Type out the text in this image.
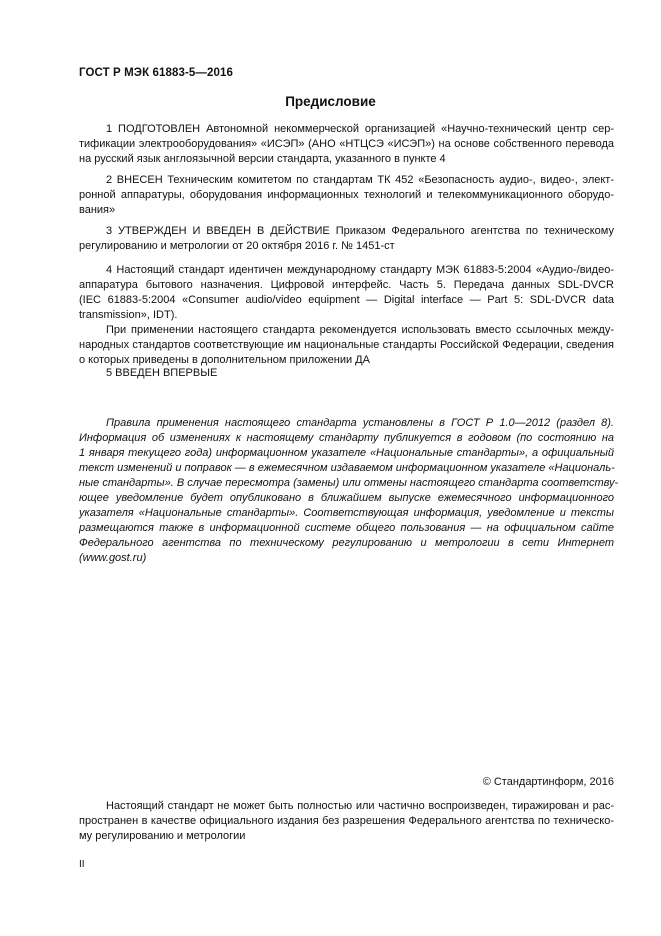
ГОСТ Р МЭК 61883-5—2016
Предисловие
1 ПОДГОТОВЛЕН Автономной некоммерческой организацией «Научно-технический центр сер-
тификации электрооборудования» «ИСЭП» (АНО «НТЦСЭ «ИСЭП») на основе собственного перевода
на русский язык англоязычной версии стандарта, указанного в пункте 4
2 ВНЕСЕН Техническим комитетом по стандартам ТК 452 «Безопасность аудио-, видео-, элект-
ронной аппаратуры, оборудования информационных технологий и телекоммуникационного оборудо-
вания»
3 УТВЕРЖДЕН И ВВЕДЕН В ДЕЙСТВИЕ Приказом Федерального агентства по техническому
регулированию и метрологии от 20 октября 2016 г. № 1451-ст
4 Настоящий стандарт идентичен международному стандарту МЭК 61883-5:2004 «Аудио-/видео-
аппаратура бытового назначения. Цифровой интерфейс. Часть 5. Передача данных SDL-DVCR
(IEC 61883-5:2004 «Consumer audio/video equipment — Digital interface — Part 5: SDL-DVCR data
transmission», IDT).
При применении настоящего стандарта рекомендуется использовать вместо ссылочных между-
народных стандартов соответствующие им национальные стандарты Российской Федерации, сведения
о которых приведены в дополнительном приложении ДА
5 ВВЕДЕН ВПЕРВЫЕ
Правила применения настоящего стандарта установлены в ГОСТ Р 1.0—2012 (раздел 8).
Информация об изменениях к настоящему стандарту публикуется в годовом (по состоянию на
1 января текущего года) информационном указателе «Национальные стандарты», а официальный
текст изменений и поправок — в ежемесячном издаваемом информационном указателе «Националь-
ные стандарты». В случае пересмотра (замены) или отмены настоящего стандарта соответству-
ющее уведомление будет опубликовано в ближайшем выпуске ежемесячного информационного
указателя «Национальные стандарты». Соответствующая информация, уведомление и тексты
размещаются также в информационной системе общего пользования — на официальном сайте
Федерального агентства по техническому регулированию и метрологии в сети Интернет
(www.gost.ru)
© Стандартинформ, 2016
Настоящий стандарт не может быть полностью или частично воспроизведен, тиражирован и рас-
пространен в качестве официального издания без разрешения Федерального агентства по техническо-
му регулированию и метрологии
II
